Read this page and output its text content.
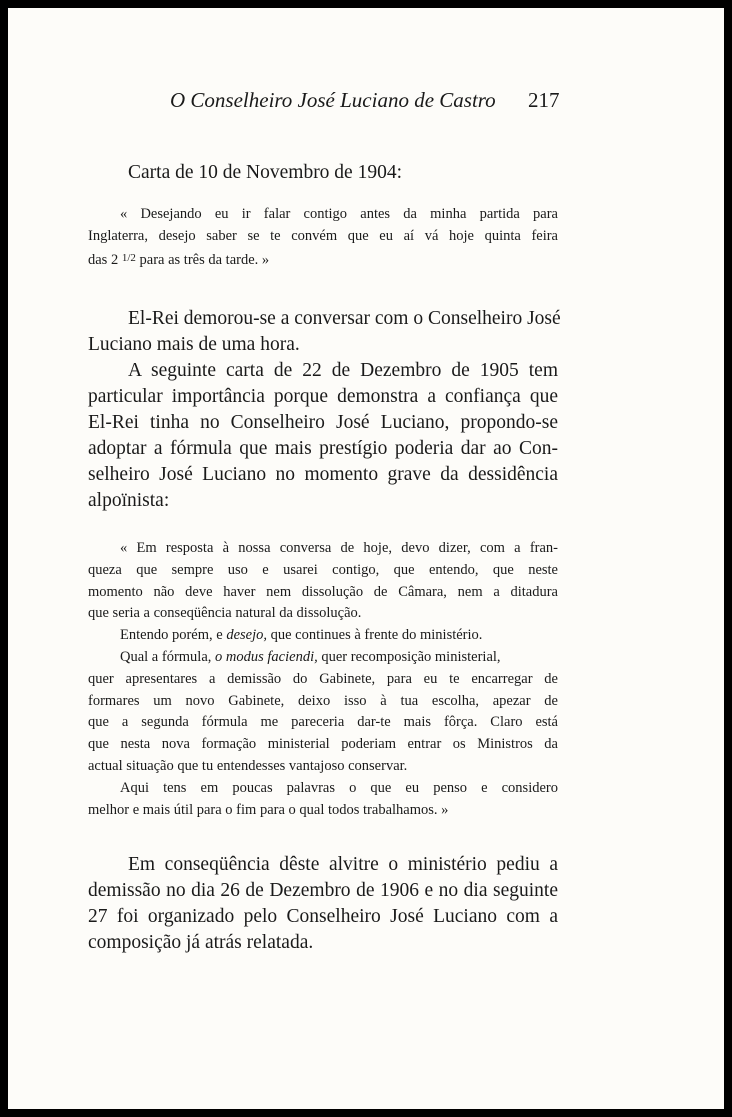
O Conselheiro José Luciano de Castro 217
Carta de 10 de Novembro de 1904:
« Desejando eu ir falar contigo antes da minha partida para
Inglaterra, desejo saber se te convém que eu aí vá hoje quinta feira
das 2 $^{1/2}$ para as três da tarde. »
El-Rei demorou-se a conversar com o Conselheiro José
Luciano mais de uma hora.
A seguinte carta de 22 de Dezembro de 1905 tem
particular importância porque demonstra a confiança que
El-Rei tinha no Conselheiro José Luciano, propondo-se
adoptar a fórmula que mais prestígio poderia dar ao Con-
selheiro José Luciano no momento grave da dessidência
alpoïnista:
« Em resposta à nossa conversa de hoje, devo dizer, com a fran-
queza que sempre uso e usarei contigo, que entendo, que neste
momento não deve haver nem dissolução de Câmara, nem a ditadura
que seria a conseqüência natural da dissolução.
Entendo porém, e desejo, que continues à frente do ministério.
Qual a fórmula, o modus faciendi, quer recomposição ministerial,
quer apresentares a demissão do Gabinete, para eu te encarregar de
formares um novo Gabinete, deixo isso à tua escolha, apezar de
que a segunda fórmula me pareceria dar-te mais fôrça. Claro está
que nesta nova formação ministerial poderiam entrar os Ministros da
actual situação que tu entendesses vantajoso conservar.
Aqui tens em poucas palavras o que eu penso e considero
melhor e mais útil para o fim para o qual todos trabalhamos. »
Em conseqüência dêste alvitre o ministério pediu a
demissão no dia 26 de Dezembro de 1906 e no dia seguinte
27 foi organizado pelo Conselheiro José Luciano com a
composição já atrás relatada.
